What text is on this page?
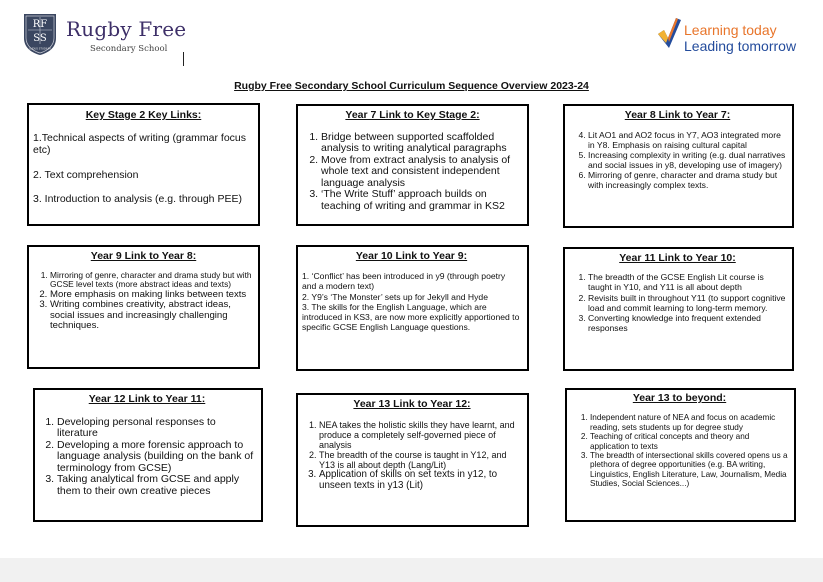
RF
SS
LUDUS STUDIUM
Rugby Free
Secondary School
Learning today
Leading tomorrow
Rugby Free Secondary School Curriculum Sequence Overview 2023-24

Key Stage 2 Key Links:

1.Technical aspects of writing (grammar focus etc)

2. Text comprehension

3. Introduction to analysis (e.g. through PEE)

Year 7 Link to Key Stage 2:

1. Bridge between supported scaffolded analysis to writing analytical paragraphs
2. Move from extract analysis to analysis of whole text and consistent independent language analysis
3. ‘The Write Stuff’ approach builds on teaching of writing and grammar in KS2

Year 8 Link to Year 7:

4. Lit AO1 and AO2 focus in Y7, AO3 integrated more in Y8. Emphasis on raising cultural capital
5. Increasing complexity in writing (e.g. dual narratives and social issues in y8, developing use of imagery)
6. Mirroring of genre, character and drama study but with increasingly complex texts.

Year 9 Link to Year 8:

1. Mirroring of genre, character and drama study but with GCSE level texts (more abstract ideas and texts)
2. More emphasis on making links between texts
3. Writing combines creativity, abstract ideas, social issues and increasingly challenging techniques.

Year 10 Link to Year 9:

1. ‘Conflict’ has been introduced in y9 (through poetry and a modern text)

2. Y9’s ‘The Monster’ sets up for Jekyll and Hyde

3. The skills for the English Language, which are introduced in KS3, are now more explicitly apportioned to specific GCSE English Language questions.

Year 11 Link to Year 10:

1. The breadth of the GCSE English Lit course is taught in Y10, and Y11 is all about depth
2. Revisits built in throughout Y11 (to support cognitive load and commit learning to long-term memory.
3. Converting knowledge into frequent extended responses

Year 12 Link to Year 11:

1. Developing personal responses to literature
2. Developing a more forensic approach to language analysis (building on the bank of terminology from GCSE)
3. Taking analytical from GCSE and apply them to their own creative pieces

Year 13 Link to Year 12:

1. NEA takes the holistic skills they have learnt, and produce a completely self-governed piece of analysis
2. The breadth of the course is taught in Y12, and Y13 is all about depth (Lang/Lit)
3. Application of skills on set texts in y12, to unseen texts in y13 (Lit)

Year 13 to beyond:

1. Independent nature of NEA and focus on academic reading, sets students up for degree study
2. Teaching of critical concepts and theory and application to texts
3. The breadth of intersectional skills covered opens us a plethora of degree opportunities (e.g. BA writing, Linguistics, English Literature, Law, Journalism, Media Studies, Social Sciences...)
